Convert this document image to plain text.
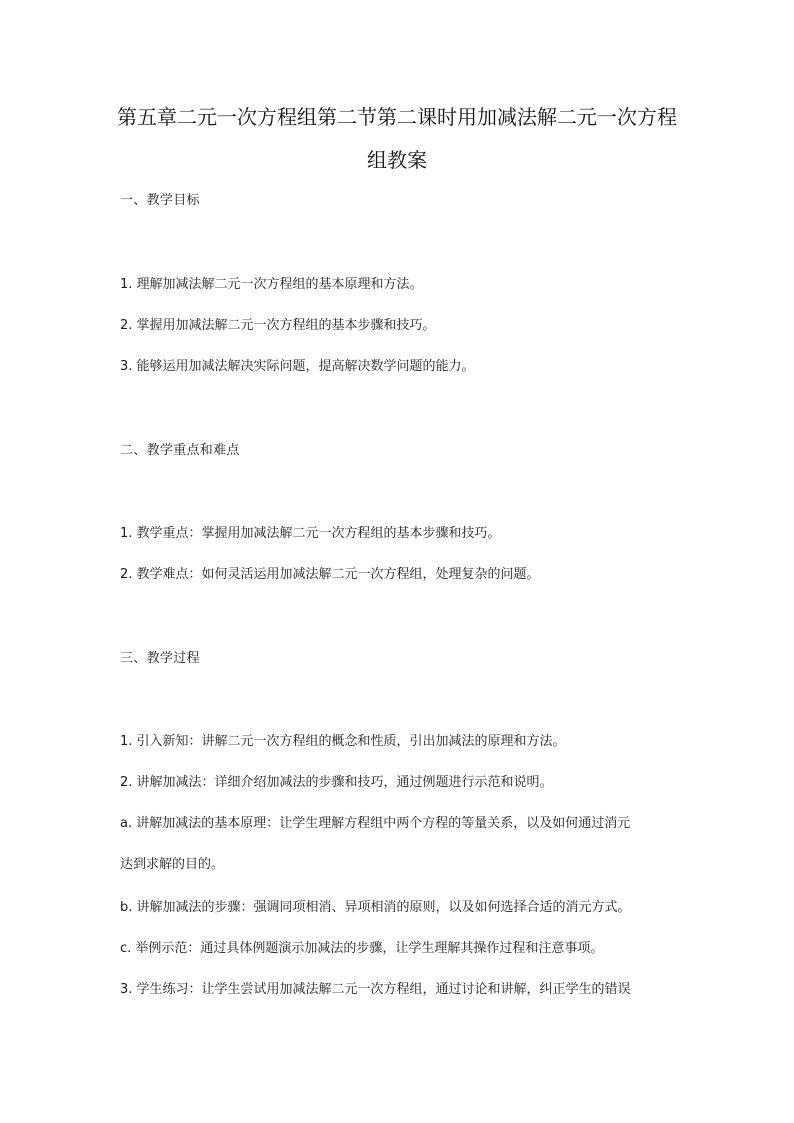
第五章二元一次方程组第二节第二课时用加减法解二元一次方程
组教案

一、教学目标

1. 理解加减法解二元一次方程组的基本原理和方法。

2. 掌握用加减法解二元一次方程组的基本步骤和技巧。

3. 能够运用加减法解决实际问题，提高解决数学问题的能力。

二、教学重点和难点

1. 教学重点：掌握用加减法解二元一次方程组的基本步骤和技巧。

2. 教学难点：如何灵活运用加减法解二元一次方程组，处理复杂的问题。

三、教学过程

1. 引入新知：讲解二元一次方程组的概念和性质，引出加减法的原理和方法。

2. 讲解加减法：详细介绍加减法的步骤和技巧，通过例题进行示范和说明。

a. 讲解加减法的基本原理：让学生理解方程组中两个方程的等量关系，以及如何通过消元

达到求解的目的。

b. 讲解加减法的步骤：强调同项相消、异项相消的原则，以及如何选择合适的消元方式。

c. 举例示范：通过具体例题演示加减法的步骤，让学生理解其操作过程和注意事项。

3. 学生练习：让学生尝试用加减法解二元一次方程组，通过讨论和讲解，纠正学生的错误
